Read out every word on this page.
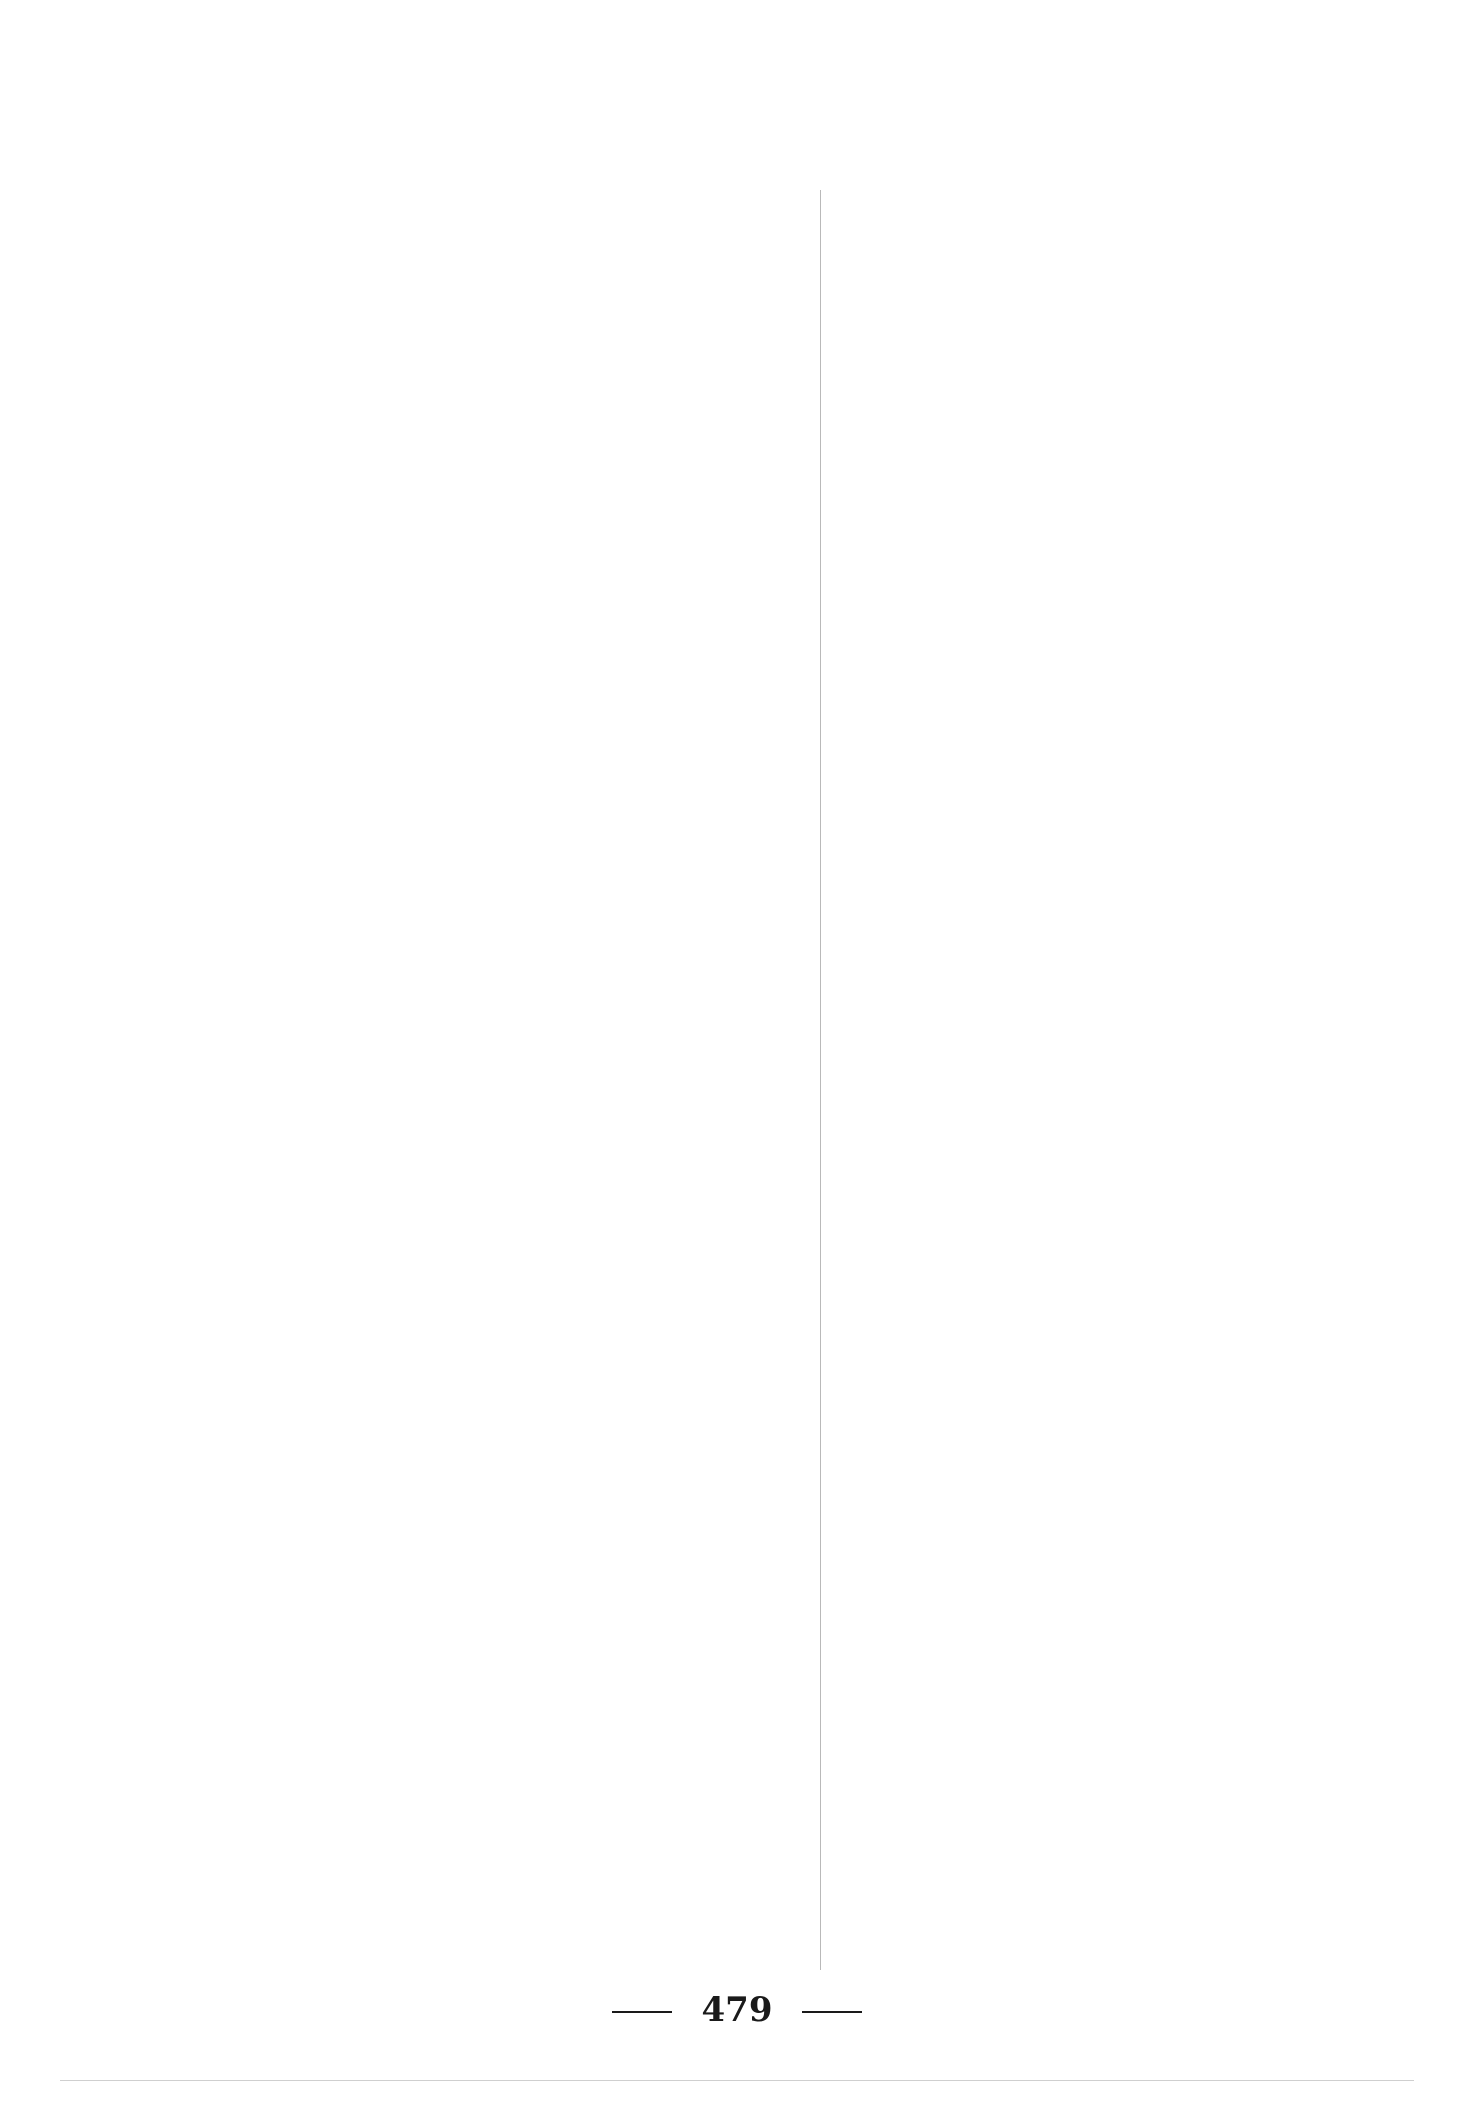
479
